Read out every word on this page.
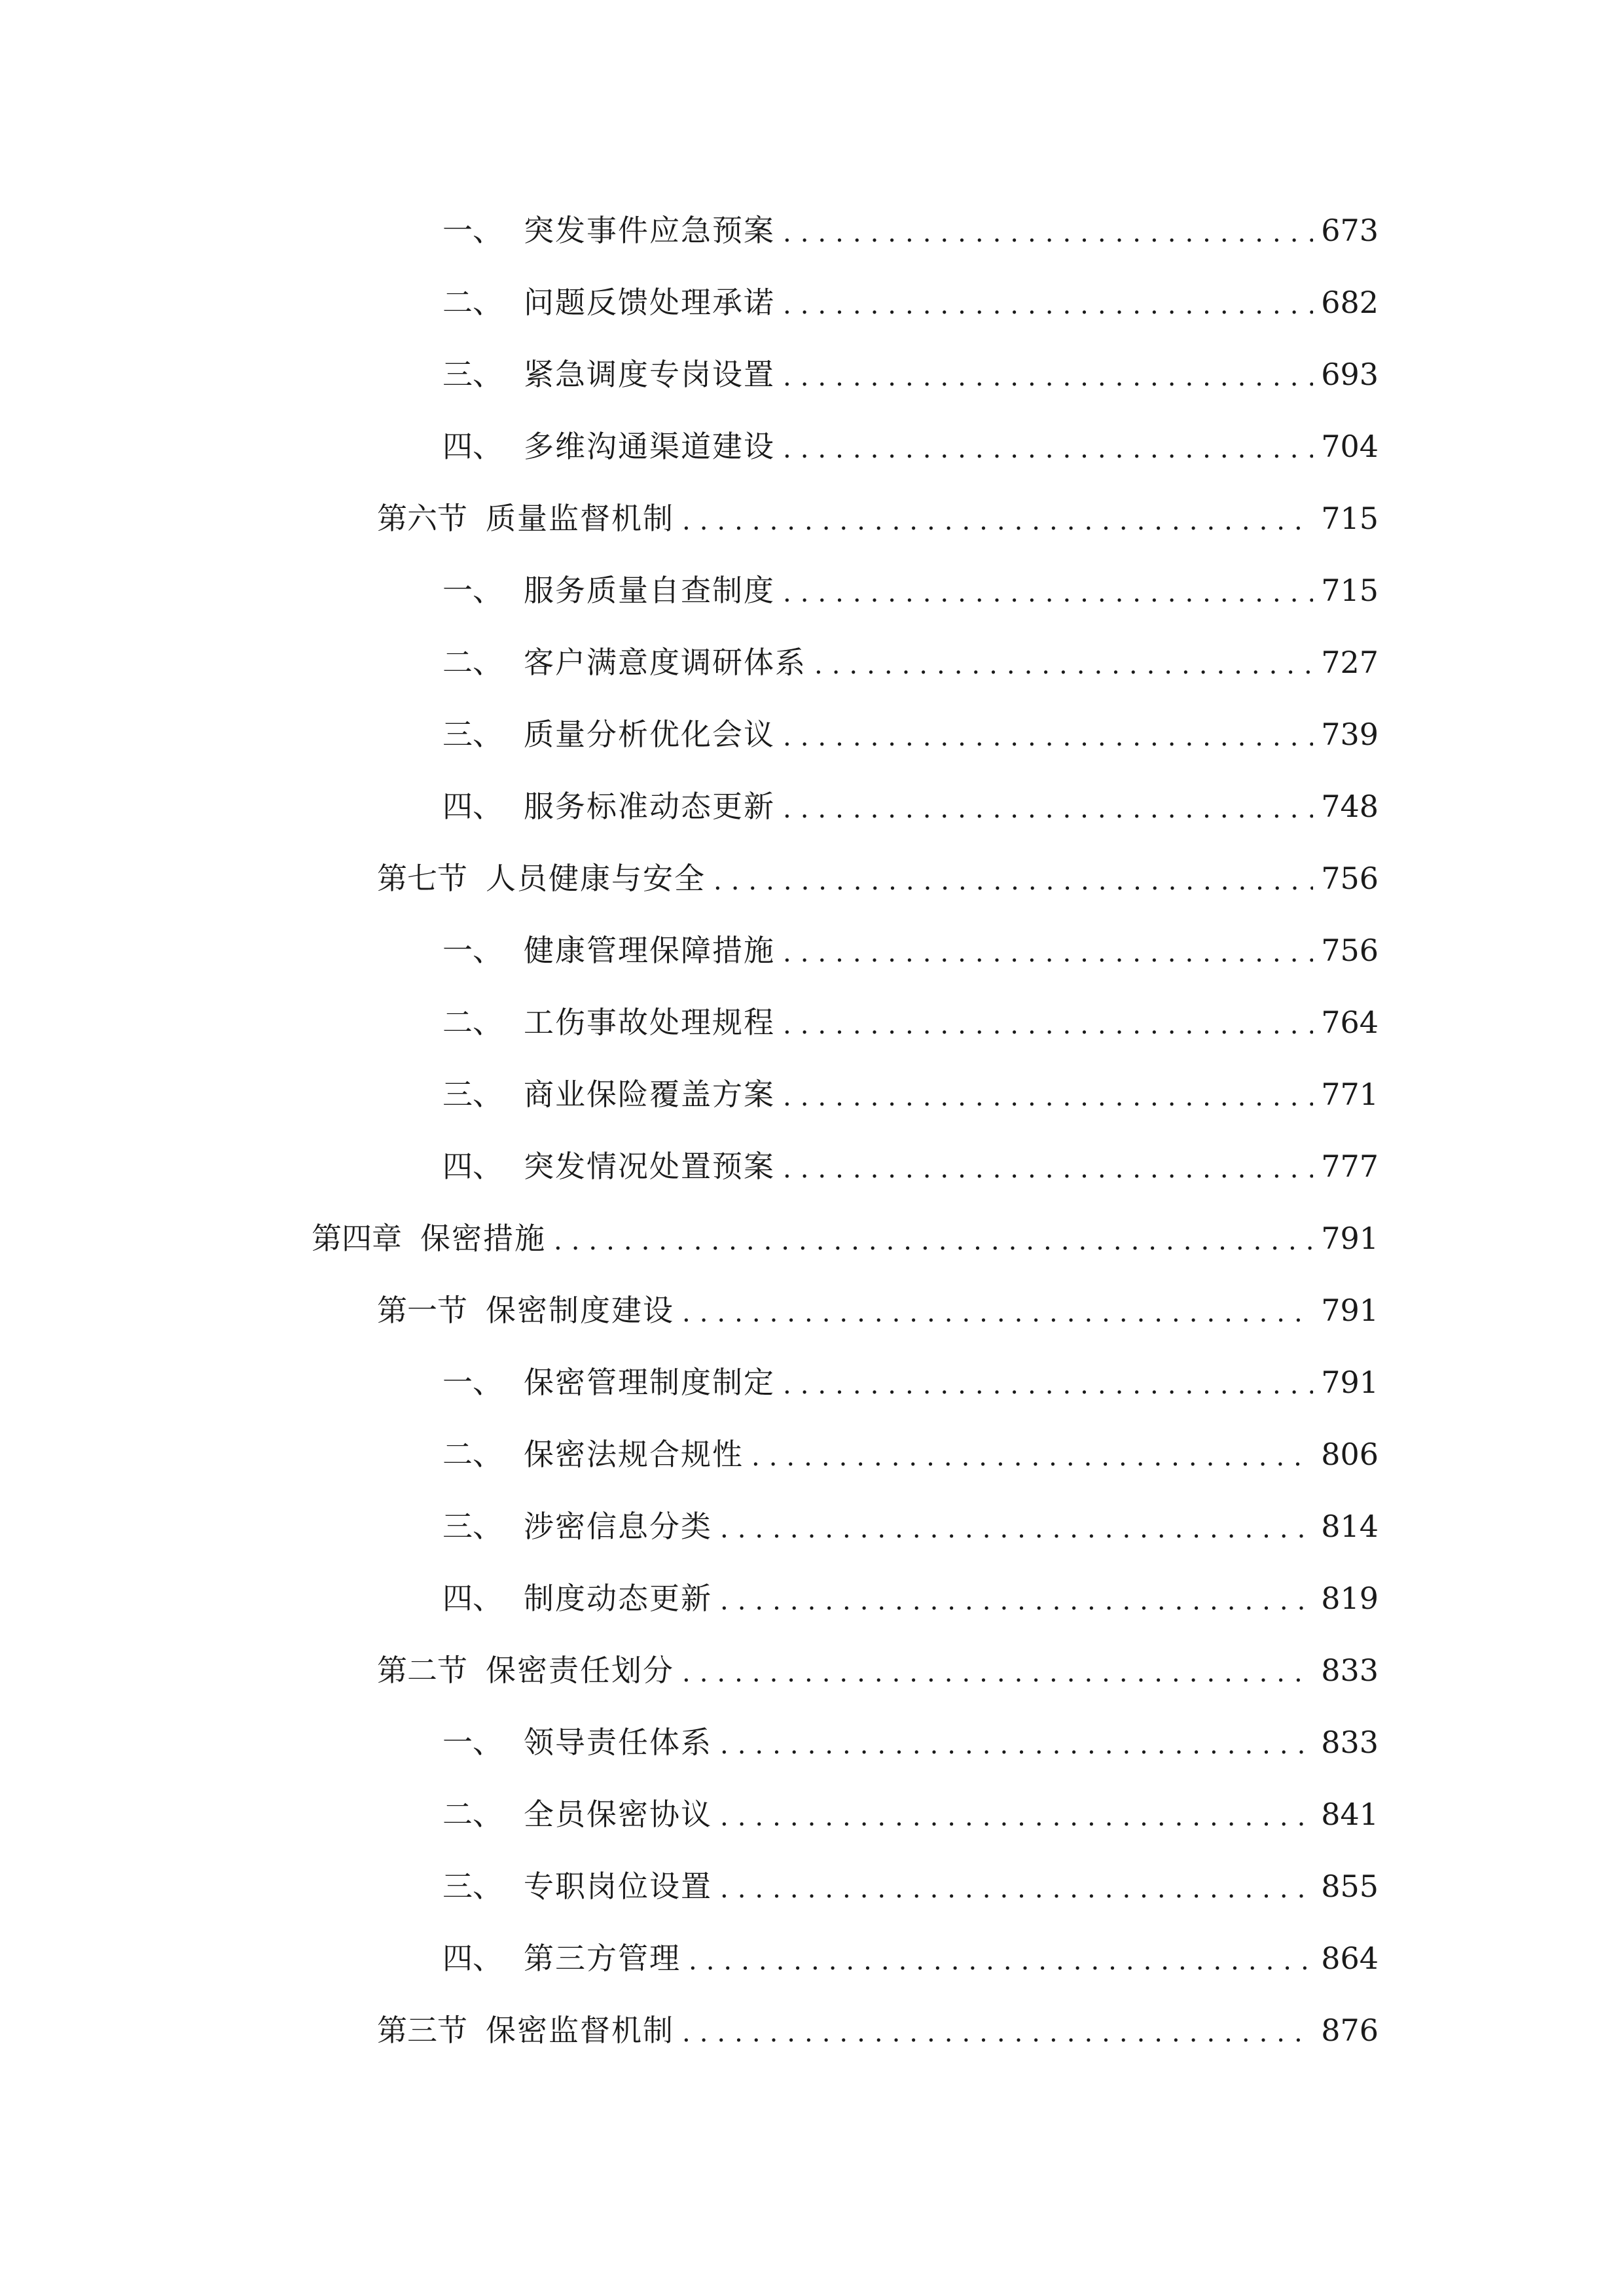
一、 突发事件应急预案 .....	673
二、 问题反馈处理承诺 .....	682
三、 紧急调度专岗设置 .....	693
四、 多维沟通渠道建设 .....	704
第六节 质量监督机制 .....	715
一、 服务质量自查制度 .....	715
二、 客户满意度调研体系 .....	727
三、 质量分析优化会议 .....	739
四、 服务标准动态更新 .....	748
第七节 人员健康与安全 .....	756
一、 健康管理保障措施 .....	756
二、 工伤事故处理规程 .....	764
三、 商业保险覆盖方案 .....	771
四、 突发情况处置预案 .....	777
第四章 保密措施 .....	791
第一节 保密制度建设 .....	791
一、 保密管理制度制定 .....	791
二、 保密法规合规性 .....	806
三、 涉密信息分类 .....	814
四、 制度动态更新 .....	819
第二节 保密责任划分 .....	833
一、 领导责任体系 .....	833
二、 全员保密协议 .....	841
三、 专职岗位设置 .....	855
四、 第三方管理 .....	864
第三节 保密监督机制 .....	876
